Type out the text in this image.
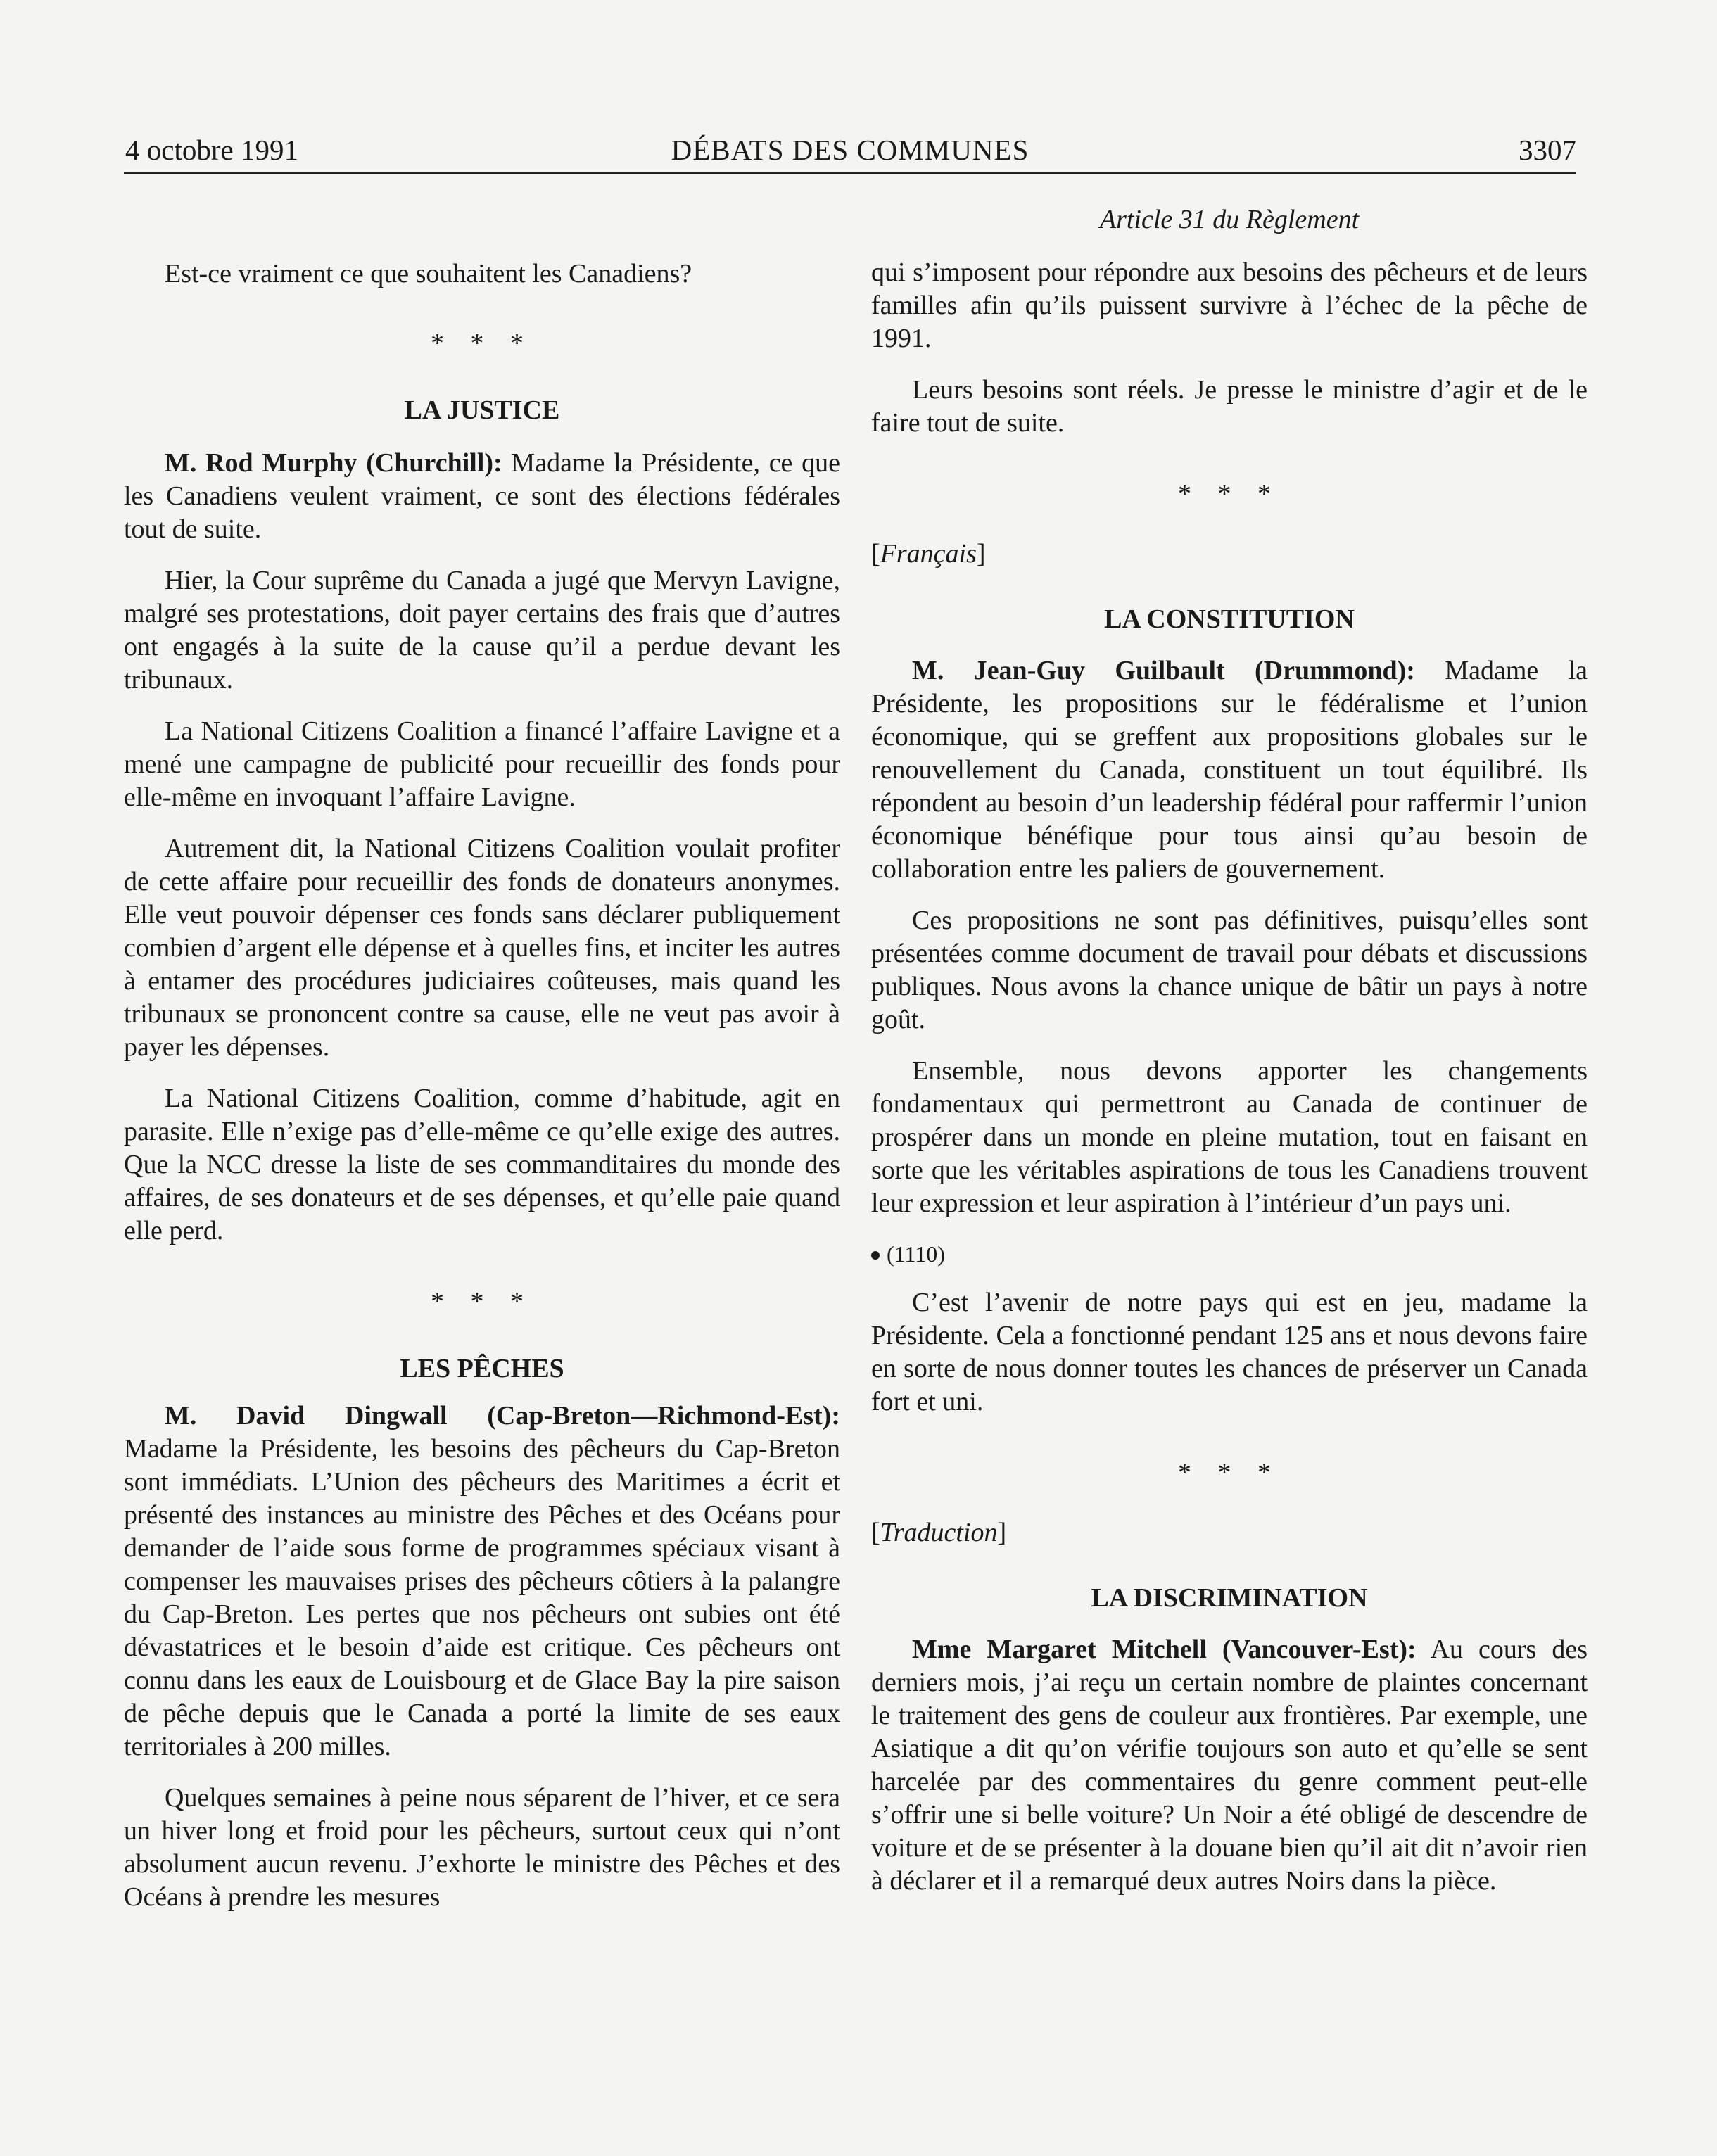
4 octobre 1991	DÉBATS DES COMMUNES	3307
Article 31 du Règlement

Est-ce vraiment ce que souhaitent les Canadiens?

* * *

LA JUSTICE

M. Rod Murphy (Churchill): Madame la Présidente, ce que les Canadiens veulent vraiment, ce sont des élections fédérales tout de suite.

Hier, la Cour suprême du Canada a jugé que Mervyn Lavigne, malgré ses protestations, doit payer certains des frais que d’autres ont engagés à la suite de la cause qu’il a perdue devant les tribunaux.

La National Citizens Coalition a financé l’affaire Lavigne et a mené une campagne de publicité pour recueillir des fonds pour elle-même en invoquant l’affaire Lavigne.

Autrement dit, la National Citizens Coalition voulait profiter de cette affaire pour recueillir des fonds de donateurs anonymes. Elle veut pouvoir dépenser ces fonds sans déclarer publiquement combien d’argent elle dépense et à quelles fins, et inciter les autres à entamer des procédures judiciaires coûteuses, mais quand les tribunaux se prononcent contre sa cause, elle ne veut pas avoir à payer les dépenses.

La National Citizens Coalition, comme d’habitude, agit en parasite. Elle n’exige pas d’elle-même ce qu’elle exige des autres. Que la NCC dresse la liste de ses commanditaires du monde des affaires, de ses donateurs et de ses dépenses, et qu’elle paie quand elle perd.

* * *

LES PÊCHES

M. David Dingwall (Cap-Breton—Richmond-Est): Madame la Présidente, les besoins des pêcheurs du Cap-Breton sont immédiats. L’Union des pêcheurs des Maritimes a écrit et présenté des instances au ministre des Pêches et des Océans pour demander de l’aide sous forme de programmes spéciaux visant à compenser les mauvaises prises des pêcheurs côtiers à la palangre du Cap-Breton. Les pertes que nos pêcheurs ont subies ont été dévastatrices et le besoin d’aide est critique. Ces pêcheurs ont connu dans les eaux de Louisbourg et de Glace Bay la pire saison de pêche depuis que le Canada a porté la limite de ses eaux territoriales à 200 milles.

Quelques semaines à peine nous séparent de l’hiver, et ce sera un hiver long et froid pour les pêcheurs, surtout ceux qui n’ont absolument aucun revenu. J’exhorte le ministre des Pêches et des Océans à prendre les mesures

qui s’imposent pour répondre aux besoins des pêcheurs et de leurs familles afin qu’ils puissent survivre à l’échec de la pêche de 1991.

Leurs besoins sont réels. Je presse le ministre d’agir et de le faire tout de suite.

* * *

[Français]

LA CONSTITUTION

M. Jean-Guy Guilbault (Drummond): Madame la Présidente, les propositions sur le fédéralisme et l’union économique, qui se greffent aux propositions globales sur le renouvellement du Canada, constituent un tout équilibré. Ils répondent au besoin d’un leadership fédéral pour raffermir l’union économique bénéfique pour tous ainsi qu’au besoin de collaboration entre les paliers de gouvernement.

Ces propositions ne sont pas définitives, puisqu’elles sont présentées comme document de travail pour débats et discussions publiques. Nous avons la chance unique de bâtir un pays à notre goût.

Ensemble, nous devons apporter les changements fondamentaux qui permettront au Canada de continuer de prospérer dans un monde en pleine mutation, tout en faisant en sorte que les véritables aspirations de tous les Canadiens trouvent leur expression et leur aspiration à l’intérieur d’un pays uni.

(1110)

C’est l’avenir de notre pays qui est en jeu, madame la Présidente. Cela a fonctionné pendant 125 ans et nous devons faire en sorte de nous donner toutes les chances de préserver un Canada fort et uni.

* * *

[Traduction]

LA DISCRIMINATION

Mme Margaret Mitchell (Vancouver-Est): Au cours des derniers mois, j’ai reçu un certain nombre de plaintes concernant le traitement des gens de couleur aux frontières. Par exemple, une Asiatique a dit qu’on vérifie toujours son auto et qu’elle se sent harcelée par des commentaires du genre comment peut-elle s’offrir une si belle voiture? Un Noir a été obligé de descendre de voiture et de se présenter à la douane bien qu’il ait dit n’avoir rien à déclarer et il a remarqué deux autres Noirs dans la pièce.
